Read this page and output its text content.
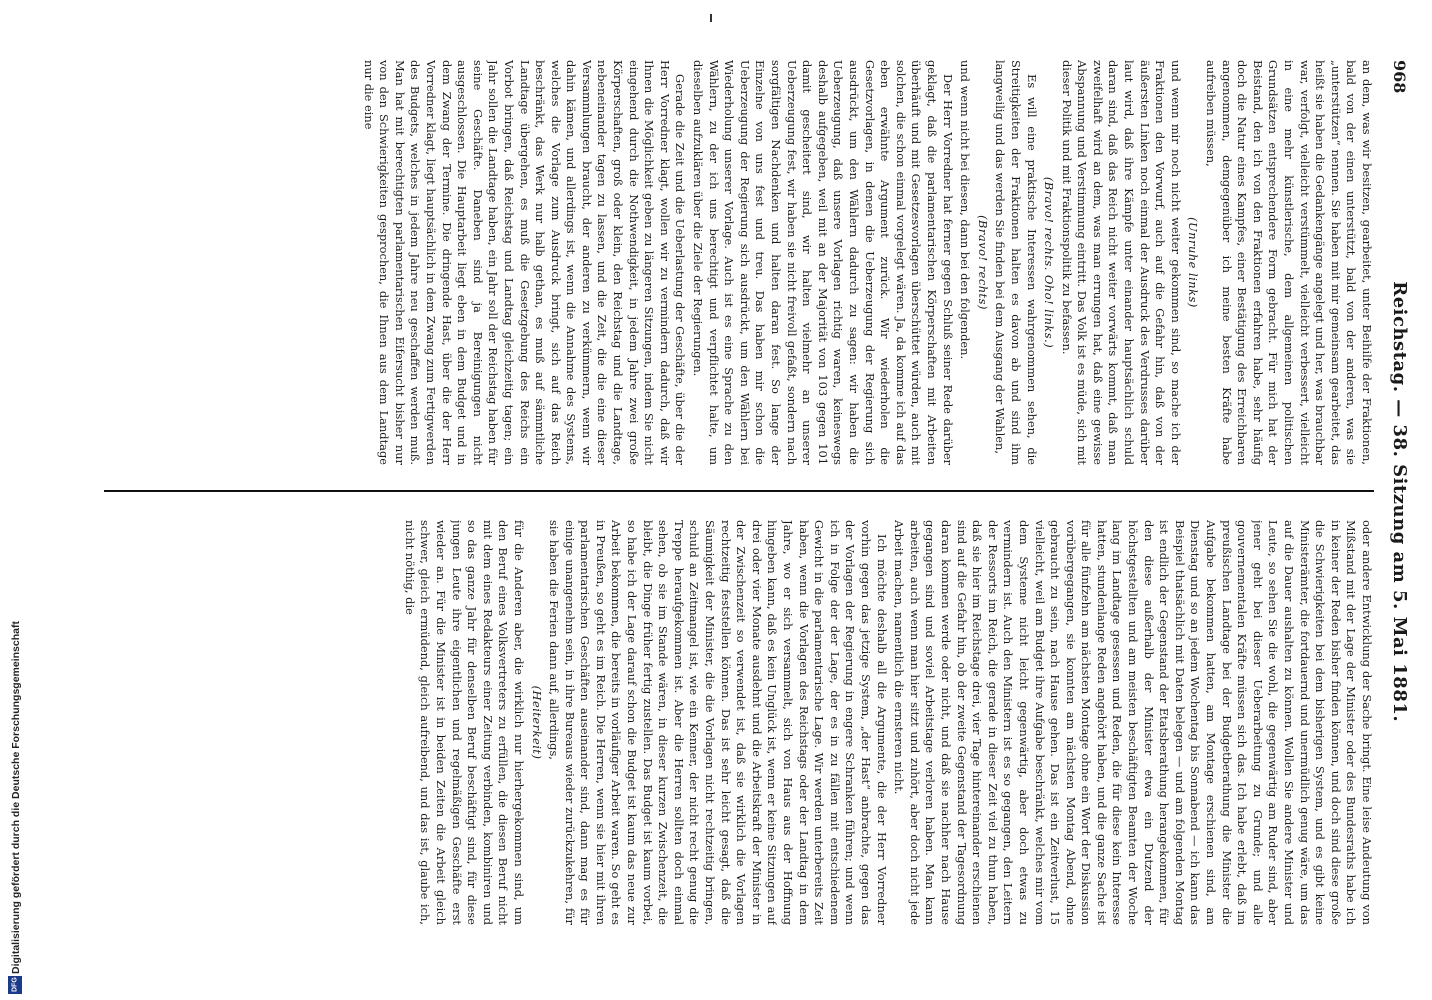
968
Reichstag. — 38. Sitzung am 5. Mai 1881.

an dem, was wir besitzen, gearbeitet, unter Beihilfe der Fraktionen, bald von der einen unterstützt, bald von der anderen, was sie „unterstützen“ nennen. Sie haben mit mir gemeinsam gearbeitet, das heißt sie haben die Gedankengänge angelegt und her, was brauchbar war, verfolgt, vielleicht verstümmelt, vielleicht verbessert, vielleicht in eine mehr künstlerische, dem allgemeinen politischen Grundsätzen entsprechendere Form gebracht. Für mich hat der Beistand, den ich von den Fraktionen erfahren habe, sehr häufig doch die Natur eines Kampfes, einer Bestätigung des Erreichbaren angenommen, demgegenüber ich meine besten Kräfte habe aufreiben müssen,

(Unruhe links)

und wenn mir noch nicht weiter gekommen sind, so mache ich der Fraktionen den Vorwurf, auch auf die Gefahr hin, daß von der äußersten Linken noch einmal der Ausdruck des Verdrusses darüber laut wird, daß ihre Kämpfe unter einander hauptsächlich schuld daran sind, daß das Reich nicht weiter vorwärts kommt, daß man zweifelhaft wird an dem, was man errungen hat, daß eine gewisse Abspannung und Verstimmung eintritt. Das Volk ist es müde, sich mit dieser Politik und mit Fraktionspolitik zu befassen.

(Bravo! rechts. Oho! links.)

Es will eine praktische Interessen wahrgenommen sehen, die Streitigkeiten der Fraktionen halten es davon ab und sind ihm langweilig und das werden Sie finden bei dem Ausgang der Wahlen,

(Bravo! rechts)

und wenn nicht bei diesen, dann bei den folgenden.

Der Herr Vorredner hat ferner gegen Schluß seiner Rede darüber geklagt, daß die parlamentarischen Körperschaften mit Arbeiten überhäuft und mit Gesetzesvorlagen überschüttet würden, auch mit solchen, die schon einmal vorgelegt wären. Ja, da komme ich auf das eben erwähnte Argument zurück. Wir wiederholen die Gesetzvorlagen, in denen die Ueberzeugung der Regierung sich ausdrückt, um den Wählern dadurch zu sagen: wir haben die Ueberzeugung, daß unsere Vorlagen richtig waren, keineswegs deshalb aufgegeben, weil mit an der Majorität von 103 gegen 101 damit gescheitert sind, wir halten vielmehr an unserer Ueberzeugung fest, wir haben sie nicht freivoll gefaßt, sondern nach sorgfältigen Nachdenken und halten daran fest. So lange der Einzelne von uns fest und treu. Das haben mir schon die Ueberzeugung der Regierung sich ausdrückt, um den Wählern bei Wiederholung unserer Vorlage. Auch ist es eine Sprache zu den Wählern, zu der ich uns berechtigt und verpflichtet halte, um dieselben aufzuklären über die Ziele der Regierungen.

Gerade die Zeit und die Ueberlastung der Geschäfte, über die der Herr Vorredner klagt, wollen wir zu vermindern dadurch, daß wir Ihnen die Möglichkeit geben zu längeren Sitzungen, indem Sie nicht eingehend durch die Nothwendigkeit, in jedem Jahre zwei große Körperschaften, groß oder klein, den Reichstag und die Landtage, nebeneinander tagen zu lassen, und die Zeit, die die eine dieser Versammlungen braucht, der anderen zu verkümmern, wenn wir dahin kämen, und allerdings ist, wenn die Annahme des Systems, welches die Vorlage zum Ausdruck bringt, sich auf das Reich beschränkt, das Werk nur halb gethan, es muß auf sämmtliche Landtage übergehen, es muß die Gesetzgebung des Reichs ein Vorbot bringen, daß Reichstag und Landtag gleichzeitig tagen; ein Jahr sollen die Landtage haben, ein Jahr soll der Reichstag haben für seine Geschäfte. Daneben sind ja Bereinigungen nicht ausgeschlossen. Die Hauptarbeit liegt eben in dem Budget und in dem Zwang der Termine. Die dringende Hast, über die der Herr Vorredner klagt, liegt hauptsächlich in dem Zwang zum Fertigwerden des Budgets, welches in jedem Jahre neu geschaffen werden muß. Man hat mit berechtigten parlamentarischen Eifersucht bisher nur von den Schwierigkeiten gesprochen, die Ihnen aus dem Landtage nur die eine

oder andere Entwicklung der Sache bringt. Eine leise Andeutung von Mißstand mit der Lage der Minister oder des Bundesraths habe ich in keiner der Reden bisher finden können, und doch sind diese große die Schwierigkeiten bei dem bisherigen System, und es gibt keine Ministerämter, die fortdauernd und unermüdlich genug wäre, um das auf die Dauer aushalten zu können. Wollen Sie andere Minister und Leute, so sehen Sie die wohl, die gegenwärtig am Ruder sind, aber jener geht bei dieser Ueberarbeitung zu Grunde; und alle gouvernementalen Kräfte müssen sich das. Ich habe erlebt, daß im preußischen Landtage bei der Budgetberathung die Minister die Aufgabe bekommen hatten, am Montage erschienen sind, am Dienstag und so an jedem Wochentag bis Sonnabend — ich kann das Beispiel thatsächlich mit Daten belegen — und am folgenden Montag ist endlich der Gegenstand der Etatsberathung herangekommen, für den diese außerhalb der Minister etwa ein Dutzend der höchstgestellten und am meisten beschäftigten Beamten der Woche lang im Landtage gesessen und Reden, die für diese kein Interesse hatten, stundenlange Reden angehört haben, und die ganze Sache ist für alle fünfzehn am nächsten Montage ohne ein Wort der Diskussion vorübergegangen, sie konnten am nächsten Montag Abend, ohne gebraucht zu sein, nach Hause gehen. Das ist ein Zeitverlust, 15 vielleicht, weil am Budget ihre Aufgabe beschränkt, welches mir vom dem Systeme nicht leicht gegenwärtig, aber doch etwas zu vermindern ist. Auch den Ministern ist es so gegangen, den Leitern der Ressorts im Reich, die gerade in dieser Zeit viel zu thun haben, daß sie hier im Reichstage drei, vier Tage hintereinander erschienen sind auf die Gefahr hin, ob der zweite Gegenstand der Tagesordnung daran kommen werde oder nicht, und daß sie nachher nach Hause gegangen sind und soviel Arbeitstage verloren haben. Man kann arbeiten, auch wenn man hier sitzt und zuhört, aber doch nicht jede Arbeit machen, namentlich die ernsteren nicht.

Ich möchte deshalb all die Argumente, die der Herr Vorredner vorhin gegen das jetzige System, „der Hast“ anbrachte, gegen das der Vorlagen der Regierung in engere Schranken führen; und wenn ich in Folge der der Lage, der es in zu fällen mit entschiedenem Gewicht in die parlamentarische Lage. Wir werden unterbereits Zeit haben, wenn die Vorlagen des Reichstags oder der Landtag in dem Jahre, wo er sich versammelt, sich von Haus aus der Hoffnung hingeben kann, daß es kein Unglück ist, wenn er keine Sitzungen auf drei oder vier Monate ausdehnt und die Arbeitskraft der Minister in der Zwischenzeit so verwendet ist, daß sie wirklich die Vorlagen rechtzeitig feststellen können. Das ist sehr leicht gesagt, daß die Säumigkeit der Minister, die die Vorlagen nicht rechtzeitig bringen, schuld an Zeitmangel ist, wie ein Kenner, der nicht recht genug die Treppe heraufgekommen ist. Aber die Herren sollten doch einmal sehen, ob sie im Stande wären, in dieser kurzen Zwischenzeit, die bleibt, die Dinge früher fertig zustellen. Das Budget ist kaum vorbei, so habe ich der Lage darauf schon die Budget ist kaum das neue zur Arbeit bekommen, die bereits in vorläufiger Arbeit waren. So geht es in Preußen, so geht es im Reich. Die Herren, wenn sie hier mit ihren parlamentarischen Geschäften auseinander sind, dann mag es für einige unangenehm sein, in ihre Bureaus wieder zurückzukehren, für sie haben die Ferien dann auf, allerdings,

(Heiterkeit)

für die Anderen aber, die wirklich nur hierhergekommen sind, um den Beruf eines Volksvertreters zu erfüllen, die diesen Beruf nicht mit dem eines Redakteurs einer Zeitung verbinden, kombiniren und so das ganze Jahr für denselben Beruf beschäftigt sind, für diese jungen Leute ihre eigentlichen und regelmäßigen Geschäfte erst wieder an. Für die Minister ist in beiden Zeiten die Arbeit gleich schwer, gleich ermüdend, gleich aufreibend, und das ist, glaube ich, nicht nöthig, die

Digitalisierung gefördert durch die Deutsche Forschungsgemeinschaft
DFG
